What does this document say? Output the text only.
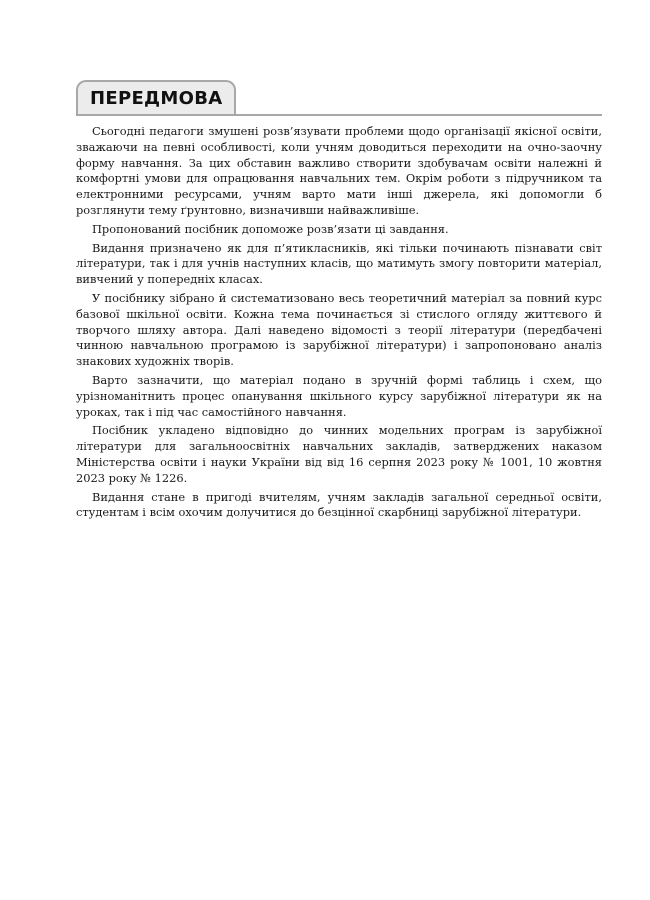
ПЕРЕДМОВА

Сьогодні педагоги змушені розв’язувати проблеми щодо організації якісної освіти, зважаючи на певні особливості, коли учням доводиться переходити на очно-заочну форму навчання. За цих обставин важливо створити здобувачам освіти належні й комфортні умови для опрацювання навчальних тем. Окрім роботи з підручником та електронними ресурсами, учням варто мати інші джерела, які допомогли б розглянути тему ґрунтовно, визначивши найважливіше.

Пропонований посібник допоможе розв’язати ці завдання.

Видання призначено як для п’ятикласників, які тільки починають пізнавати світ літератури, так і для учнів наступних класів, що матимуть змогу повторити матеріал, вивчений у попередніх класах.

У посібнику зібрано й систематизовано весь теоретичний матеріал за повний курс базової шкільної освіти. Кожна тема починається зі стислого огляду життєвого й творчого шляху автора. Далі наведено відомості з теорії літератури (передбачені чинною навчальною програмою із зарубіжної літератури) і запропоновано аналіз знакових художніх творів.

Варто зазначити, що матеріал подано в зручній формі таблиць і схем, що урізноманітнить процес опанування шкільного курсу зарубіжної літератури як на уроках, так і під час самостійного навчання.

Посібник укладено відповідно до чинних модельних програм із зарубіжної літератури для загальноосвітніх навчальних закладів, затверджених наказом Міністерства освіти і науки України від від 16 серпня 2023 року № 1001, 10 жовтня 2023 року № 1226.

Видання стане в пригоді вчителям, учням закладів загальної середньої освіти, студентам і всім охочим долучитися до безцінної скарбниці зарубіжної літератури.
